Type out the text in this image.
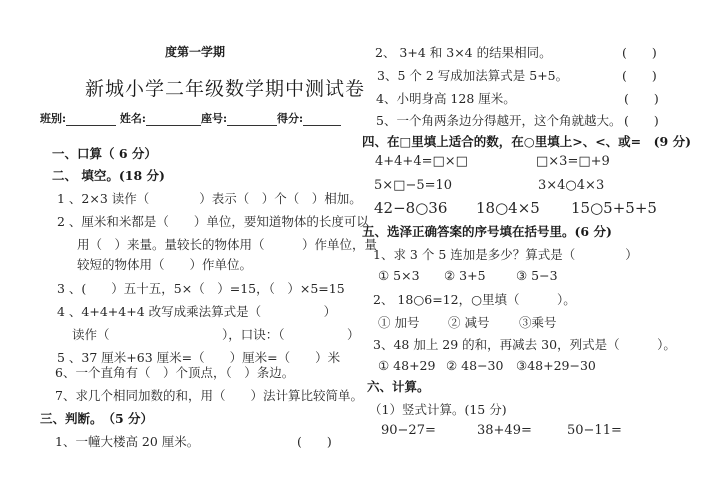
度第一学期
新城小学二年级数学期中测试卷
班别:	姓名:	座号:	得分:
一、口算（ 6 分）
二、 填空。(18 分)
1 、2×3 读作（　　　　）表示（　）个（　）相加。
2 、厘米和米都是（　　）单位，要知道物体的长度可以
用（　）来量。量较长的物体用（　　　）作单位，量
较短的物体用（　　）作单位。
3 、(　　）五十五，5×（　）=15，（　）×5=15
4 、4+4+4+4 改写成乘法算式是（　　　　　）
读作（　　　　　　　　　），口诀：（　　　　　）
5 、37 厘米+63 厘米=（　　）厘米=（　　）米
6、一个直角有（　）个顶点，（　）条边。
7、求几个相同加数的和，用（　　）法计算比较简单。
三、判断。　（5 分）
1、一幢大楼高 20 厘米。	(　　)
2、 3+4 和 3×4 的结果相同。	(　　)
3、5 个 2 写成加法算式是 5+5。	(　　)
4、小明身高 128 厘米。	(　　)
5、一个角两条边分得越开，这个角就越大。 (　　)
四、在□里填上适合的数，在○里填上>、<、或=　(9 分)
4+4+4=□×□	□×3=□+9
5×□−5=10	3×4○4×3
42−8○36 18○4×5 15○5+5+5
五、选泽正确答案的序号填在括号里。(6 分)
1、求 3 个 5 连加是多少？算式是（　　　　）
① 5×3 ② 3+5 ③ 5−3
2、 18○6=12，○里填（　　　）。
① 加号 ② 减号 ③乘号
3、48 加上 29 的和，再减去 30，列式是（　　　）。
① 48+29 ② 48−30 ③48+29−30
六、计算。
（1）竖式计算。(15 分)
90−27=	38+49=	50−11=
